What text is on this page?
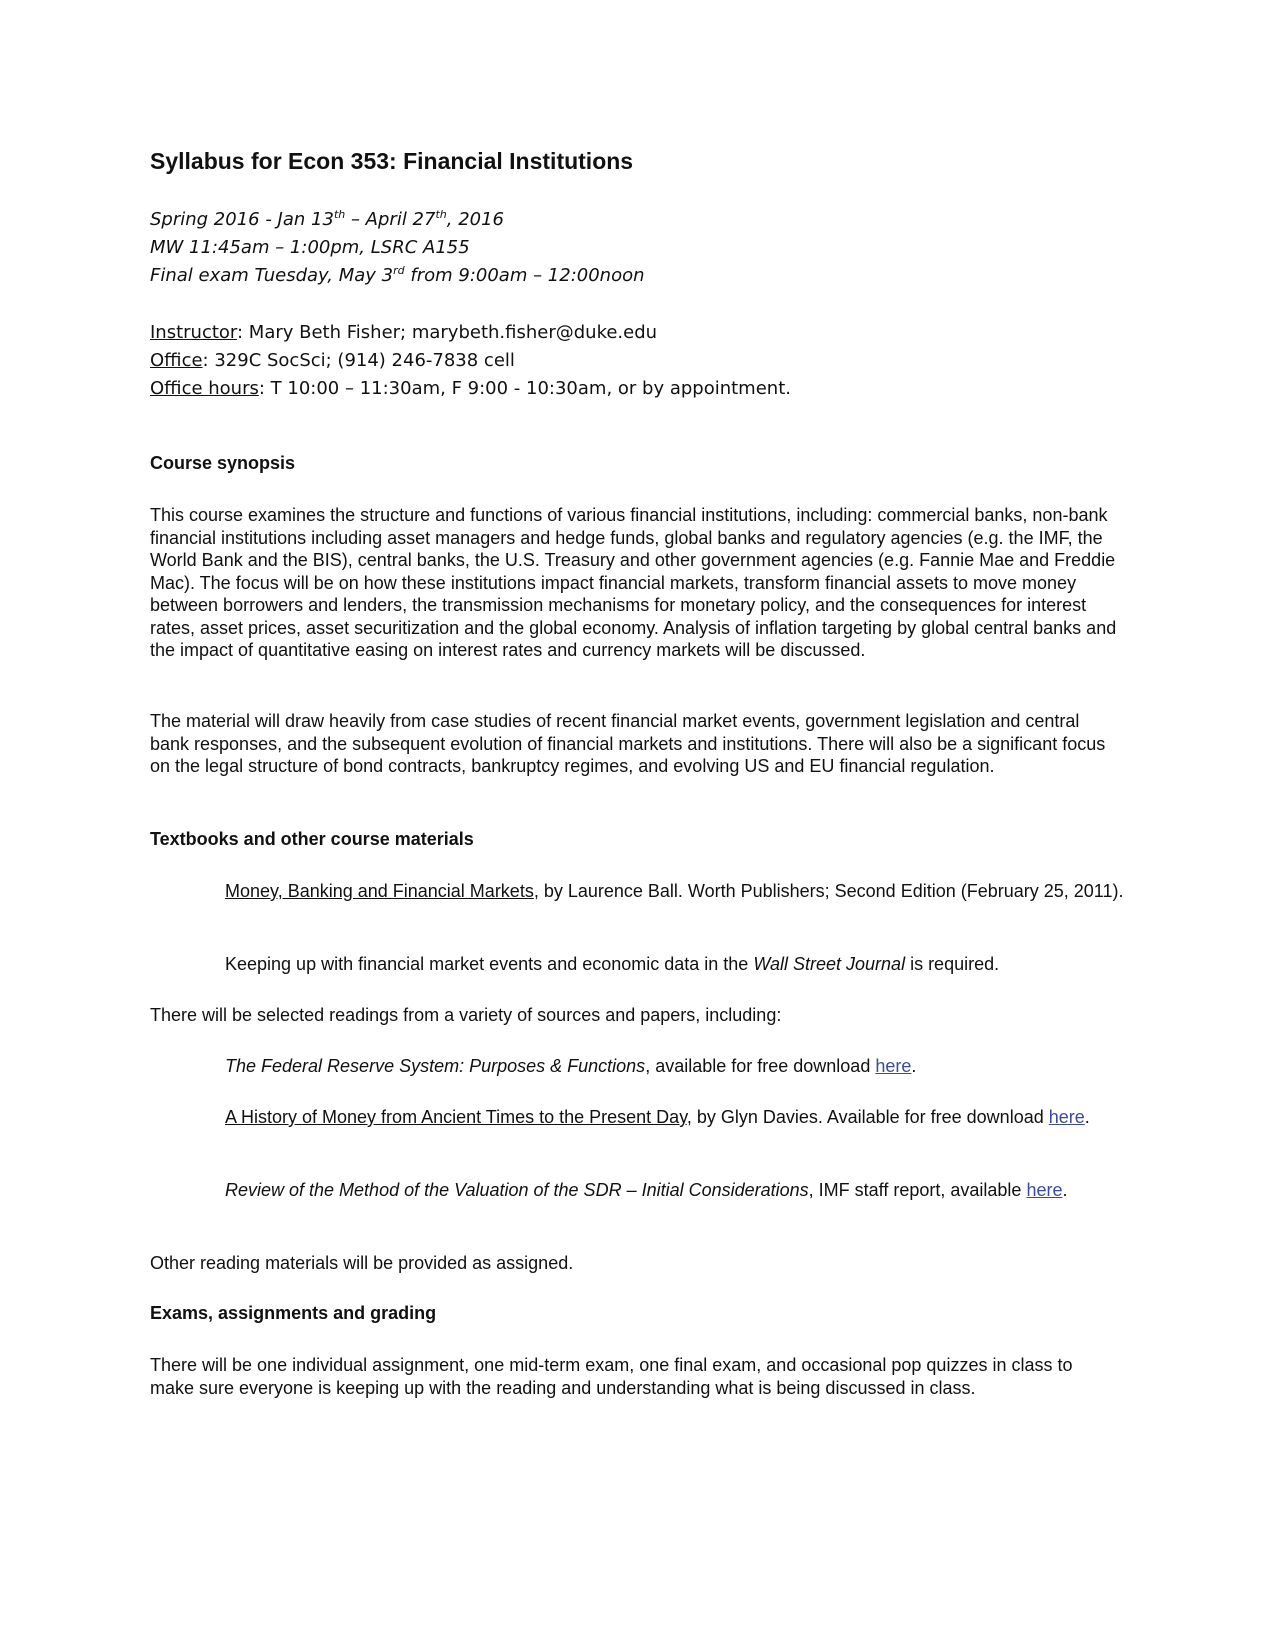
Syllabus for Econ 353: Financial Institutions
Spring 2016 - Jan 13th – April 27th, 2016
MW 11:45am – 1:00pm, LSRC A155
Final exam Tuesday, May 3rd from 9:00am – 12:00noon
Instructor: Mary Beth Fisher; marybeth.fisher@duke.edu
Office: 329C SocSci; (914) 246-7838 cell
Office hours: T 10:00 – 11:30am, F 9:00 - 10:30am, or by appointment.
Course synopsis

This course examines the structure and functions of various financial institutions, including: commercial banks, non-bank financial institutions including asset managers and hedge funds, global banks and regulatory agencies (e.g. the IMF, the World Bank and the BIS), central banks, the U.S. Treasury and other government agencies (e.g. Fannie Mae and Freddie Mac). The focus will be on how these institutions impact financial markets, transform financial assets to move money between borrowers and lenders, the transmission mechanisms for monetary policy, and the consequences for interest rates, asset prices, asset securitization and the global economy. Analysis of inflation targeting by global central banks and the impact of quantitative easing on interest rates and currency markets will be discussed.

The material will draw heavily from case studies of recent financial market events, government legislation and central bank responses, and the subsequent evolution of financial markets and institutions. There will also be a significant focus on the legal structure of bond contracts, bankruptcy regimes, and evolving US and EU financial regulation.

Textbooks and other course materials

Money, Banking and Financial Markets, by Laurence Ball. Worth Publishers; Second Edition (February 25, 2011).

Keeping up with financial market events and economic data in the Wall Street Journal is required.

There will be selected readings from a variety of sources and papers, including:

The Federal Reserve System: Purposes & Functions, available for free download here.

A History of Money from Ancient Times to the Present Day, by Glyn Davies. Available for free download here.

Review of the Method of the Valuation of the SDR – Initial Considerations, IMF staff report, available here.

Other reading materials will be provided as assigned.

Exams, assignments and grading

There will be one individual assignment, one mid-term exam, one final exam, and occasional pop quizzes in class to make sure everyone is keeping up with the reading and understanding what is being discussed in class.
